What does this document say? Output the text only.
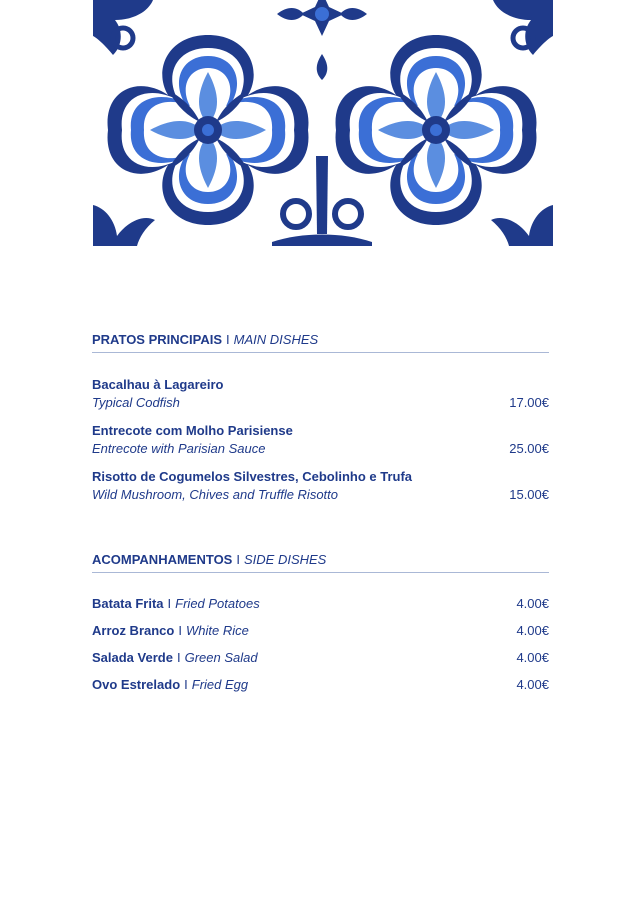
PRATOS PRINCIPAIS I MAIN DISHES
Bacalhau à Lagareiro
Typical Codfish	17.00€
Entrecote com Molho Parisiense
Entrecote with Parisian Sauce	25.00€
Risotto de Cogumelos Silvestres, Cebolinho e Trufa
Wild Mushroom, Chives and Truffle Risotto	15.00€
ACOMPANHAMENTOS I SIDE DISHES
Batata Frita I Fried Potatoes	4.00€
Arroz Branco I White Rice	4.00€
Salada Verde I Green Salad	4.00€
Ovo Estrelado I Fried Egg	4.00€
